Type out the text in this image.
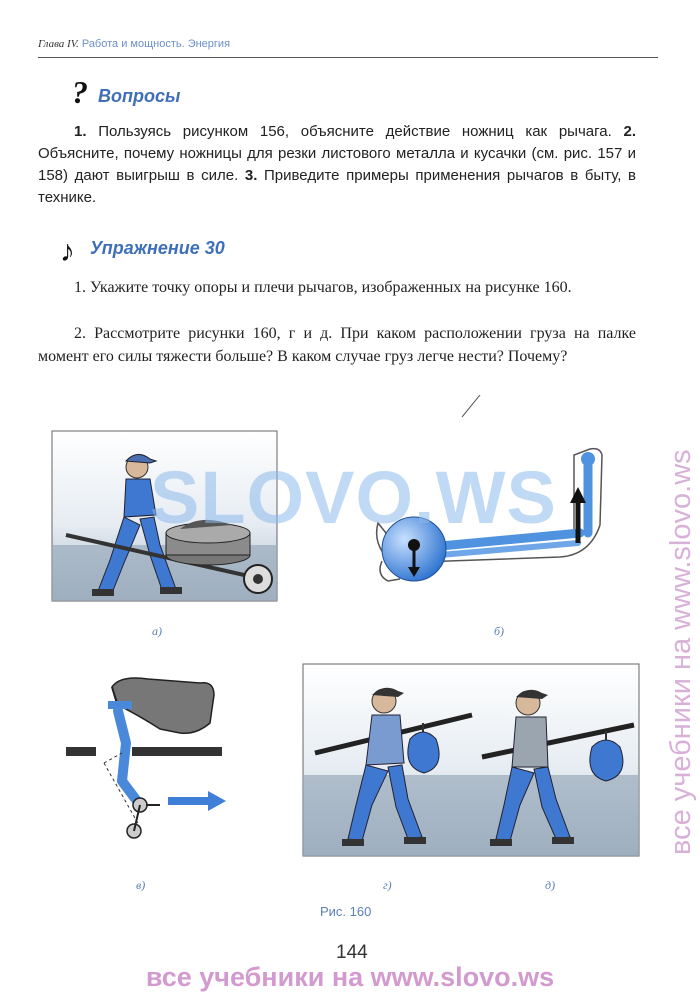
Глава IV. Работа и мощность. Энергия
? Вопросы
1. Пользуясь рисунком 156, объясните действие ножниц как рычага. 2. Объясните, почему ножницы для резки листового металла и кусачки (см. рис. 157 и 158) дают выигрыш в силе. 3. Приведите примеры применения рычагов в быту, в технике.
♪ Упражнение 30
1. Укажите точку опоры и плечи рычагов, изображенных на рисунке 160.
2. Рассмотрите рисунки 160, г и д. При каком расположении груза на палке момент его силы тяжести больше? В каком случае груз легче нести? Почему?
а)	б)
в)	г)	д)
Рис. 160
144
SLOVO.WS	все учебники на www.slovo.ws
все учебники на www.slovo.ws
